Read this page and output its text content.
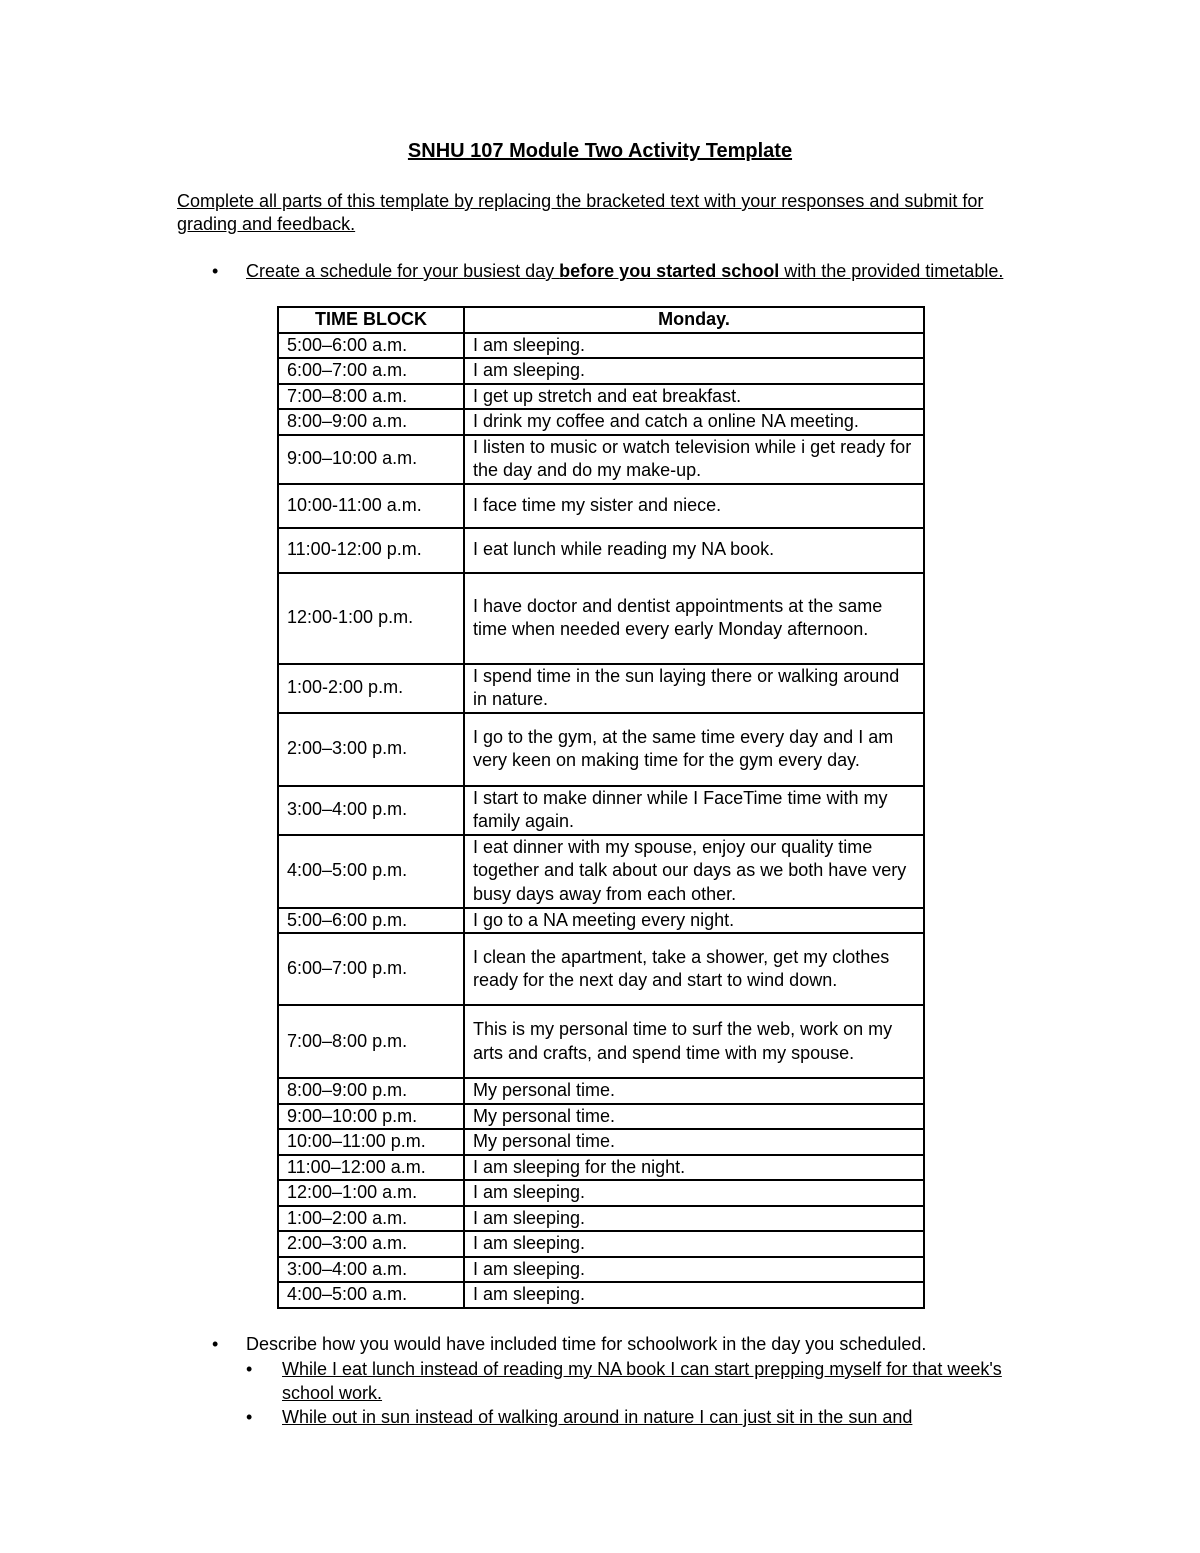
SNHU 107 Module Two Activity Template
Complete all parts of this template by replacing the bracketed text with your responses and submit for grading and feedback.
• Create a schedule for your busiest day before you started school with the provided timetable.
TIME BLOCK	Monday.
5:00–6:00 a.m.	I am sleeping.
6:00–7:00 a.m.	I am sleeping.
7:00–8:00 a.m.	I get up stretch and eat breakfast.
8:00–9:00 a.m.	I drink my coffee and catch a online NA meeting.
9:00–10:00 a.m.	I listen to music or watch television while i get ready for the day and do my make-up.
10:00-11:00 a.m.	I face time my sister and niece.
11:00-12:00 p.m.	I eat lunch while reading my NA book.
12:00-1:00 p.m.	I have doctor and dentist appointments at the same time when needed every early Monday afternoon.
1:00-2:00 p.m.	I spend time in the sun laying there or walking around in nature.
2:00–3:00 p.m.	I go to the gym, at the same time every day and I am very keen on making time for the gym every day.
3:00–4:00 p.m.	I start to make dinner while I FaceTime time with my family again.
4:00–5:00 p.m.	I eat dinner with my spouse, enjoy our quality time together and talk about our days as we both have very busy days away from each other.
5:00–6:00 p.m.	I go to a NA meeting every night.
6:00–7:00 p.m.	I clean the apartment, take a shower, get my clothes ready for the next day and start to wind down.
7:00–8:00 p.m.	This is my personal time to surf the web, work on my arts and crafts, and spend time with my spouse.
8:00–9:00 p.m.	My personal time.
9:00–10:00 p.m.	My personal time.
10:00–11:00 p.m.	My personal time.
11:00–12:00 a.m.	I am sleeping for the night.
12:00–1:00 a.m.	I am sleeping.
1:00–2:00 a.m.	I am sleeping.
2:00–3:00 a.m.	I am sleeping.
3:00–4:00 a.m.	I am sleeping.
4:00–5:00 a.m.	I am sleeping.
• Describe how you would have included time for schoolwork in the day you scheduled.
• While I eat lunch instead of reading my NA book I can start prepping myself for that week's school work.
• While out in sun instead of walking around in nature I can just sit in the sun and
